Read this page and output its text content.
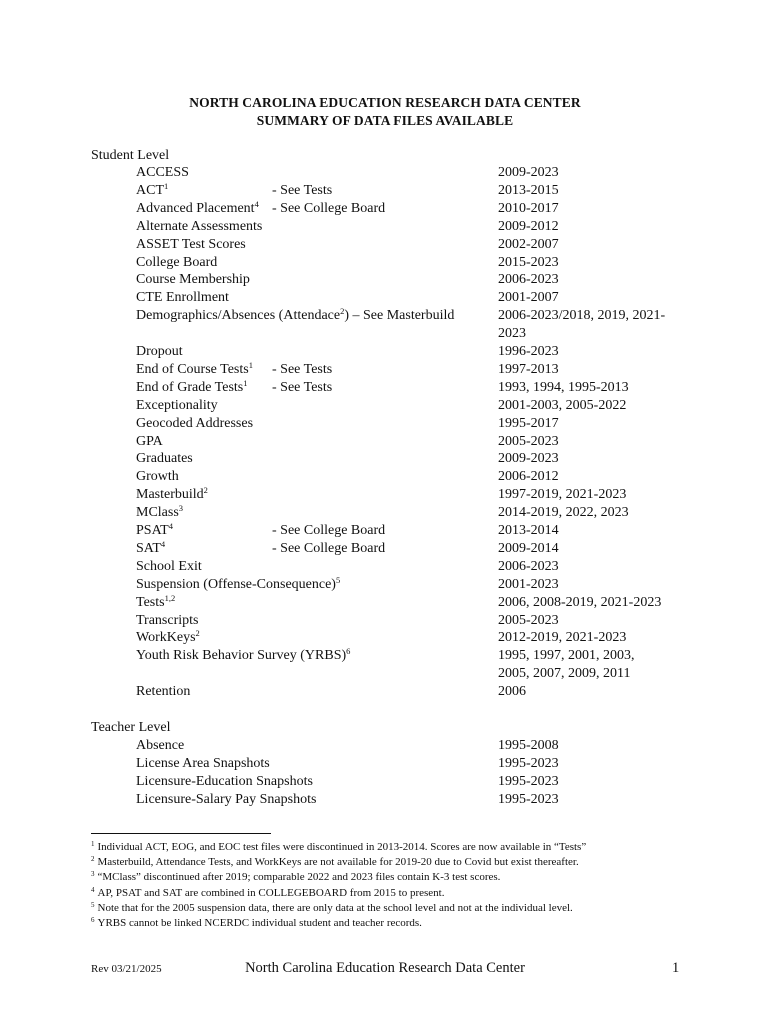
NORTH CAROLINA EDUCATION RESEARCH DATA CENTER
SUMMARY OF DATA FILES AVAILABLE
Student Level
ACCESS	2009-2023
ACT$^1$	- See Tests	2013-2015
Advanced Placement$^4$ - See College Board	2010-2017
Alternate Assessments	2009-2012
ASSET Test Scores	2002-2007
College Board	2015-2023
Course Membership	2006-2023
CTE Enrollment	2001-2007
Demographics/Absences (Attendace$^2$) – See Masterbuild	2006-2023/2018, 2019, 2021-
2023
Dropout	1996-2023
End of Course Tests$^1$ - See Tests	1997-2013
End of Grade Tests$^1$ - See Tests	1993, 1994, 1995-2013
Exceptionality	2001-2003, 2005-2022
Geocoded Addresses	1995-2017
GPA	2005-2023
Graduates	2009-2023
Growth	2006-2012
Masterbuild$^2$	1997-2019, 2021-2023
MClass$^3$	2014-2019, 2022, 2023
PSAT$^4$	- See College Board	2013-2014
SAT$^4$	- See College Board	2009-2014
School Exit	2006-2023
Suspension (Offense-Consequence)$^5$	2001-2023
Tests$^{1,2}$	2006, 2008-2019, 2021-2023
Transcripts	2005-2023
WorkKeys$^2$	2012-2019, 2021-2023
Youth Risk Behavior Survey (YRBS)$^6$	1995, 1997, 2001, 2003,
2005, 2007, 2009, 2011
Retention	2006
Teacher Level
Absence	1995-2008
License Area Snapshots	1995-2023
Licensure-Education Snapshots	1995-2023
Licensure-Salary Pay Snapshots	1995-2023
$^1$ Individual ACT, EOG, and EOC test files were discontinued in 2013-2014. Scores are now available in “Tests”
$^2$ Masterbuild, Attendance Tests, and WorkKeys are not available for 2019-20 due to Covid but exist thereafter.
$^3$ “MClass” discontinued after 2019; comparable 2022 and 2023 files contain K-3 test scores.
$^4$ AP, PSAT and SAT are combined in COLLEGEBOARD from 2015 to present.
$^5$ Note that for the 2005 suspension data, there are only data at the school level and not at the individual level.
$^6$ YRBS cannot be linked NCERDC individual student and teacher records.
Rev 03/21/2025	North Carolina Education Research Data Center	1
